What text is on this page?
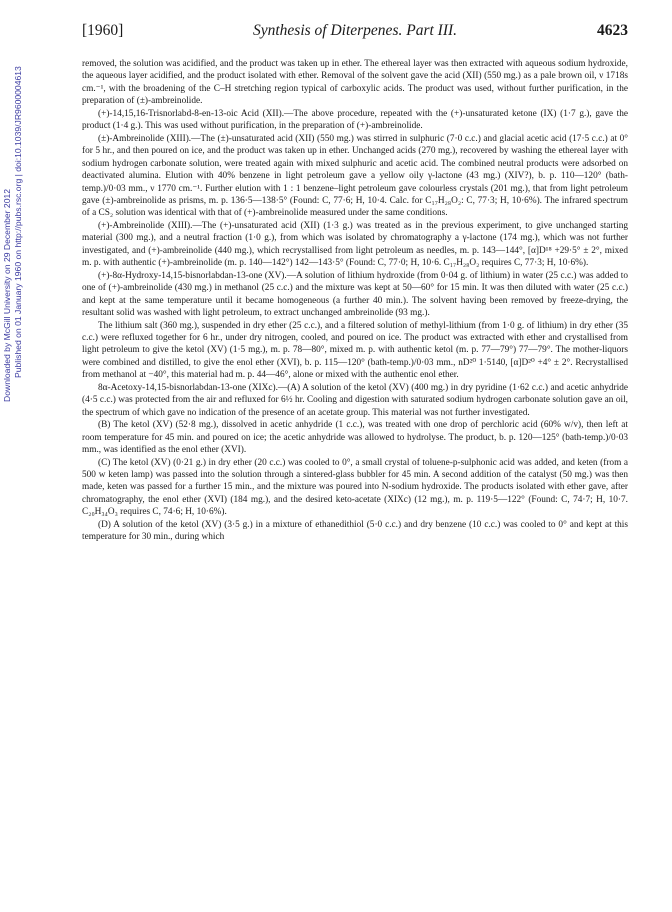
Downloaded by McGill University on 29 December 2012 Published on 01 January 1960 on http://pubs.rsc.org | doi:10.1039/JR9600004613
[1960]	Synthesis of Diterpenes. Part III.	4623

removed, the solution was acidified, and the product was taken up in ether. The ethereal layer was then extracted with aqueous sodium hydroxide, the aqueous layer acidified, and the product isolated with ether. Removal of the solvent gave the acid (XII) (550 mg.) as a pale brown oil, ν 1718s cm.⁻¹, with the broadening of the C–H stretching region typical of carboxylic acids. The product was used, without further purification, in the preparation of (±)-ambreinolide.

(+)-14,15,16-Trisnorlabd-8-en-13-oic Acid (XII).—The above procedure, repeated with the (+)-unsaturated ketone (IX) (1·7 g.), gave the product (1·4 g.). This was used without purification, in the preparation of (+)-ambreinolide.

(±)-Ambreinolide (XIII).—The (±)-unsaturated acid (XII) (550 mg.) was stirred in sulphuric (7·0 c.c.) and glacial acetic acid (17·5 c.c.) at 0° for 5 hr., and then poured on ice, and the product was taken up in ether. Unchanged acids (270 mg.), recovered by washing the ethereal layer with sodium hydrogen carbonate solution, were treated again with mixed sulphuric and acetic acid. The combined neutral products were adsorbed on deactivated alumina. Elution with 40% benzene in light petroleum gave a yellow oily γ-lactone (43 mg.) (XIV?), b. p. 110—120° (bath-temp.)/0·03 mm., ν 1770 cm.⁻¹. Further elution with 1 : 1 benzene–light petroleum gave colourless crystals (201 mg.), that from light petroleum gave (±)-ambreinolide as prisms, m. p. 136·5—138·5° (Found: C, 77·6; H, 10·4. Calc. for C₁₇H₂₈O₂: C, 77·3; H, 10·6%). The infrared spectrum of a CS₂ solution was identical with that of (+)-ambreinolide measured under the same conditions.

(+)-Ambreinolide (XIII).—The (+)-unsaturated acid (XII) (1·3 g.) was treated as in the previous experiment, to give unchanged starting material (300 mg.), and a neutral fraction (1·0 g.), from which was isolated by chromatography a γ-lactone (174 mg.), which was not further investigated, and (+)-ambreinolide (440 mg.), which recrystallised from light petroleum as needles, m. p. 143—144°, [α]D¹⁸ +29·5° ± 2°, mixed m. p. with authentic (+)-ambreinolide (m. p. 140—142°) 142—143·5° (Found: C, 77·0; H, 10·6. C₁₇H₂₈O₂ requires C, 77·3; H, 10·6%).

(+)-8α-Hydroxy-14,15-bisnorlabdan-13-one (XV).—A solution of lithium hydroxide (from 0·04 g. of lithium) in water (25 c.c.) was added to one of (+)-ambreinolide (430 mg.) in methanol (25 c.c.) and the mixture was kept at 50—60° for 15 min. It was then diluted with water (25 c.c.) and kept at the same temperature until it became homogeneous (a further 40 min.). The solvent having been removed by freeze-drying, the resultant solid was washed with light petroleum, to extract unchanged ambreinolide (93 mg.).

The lithium salt (360 mg.), suspended in dry ether (25 c.c.), and a filtered solution of methyl-lithium (from 1·0 g. of lithium) in dry ether (35 c.c.) were refluxed together for 6 hr., under dry nitrogen, cooled, and poured on ice. The product was extracted with ether and crystallised from light petroleum to give the ketol (XV) (1·5 mg.), m. p. 78—80°, mixed m. p. with authentic ketol (m. p. 77—79°) 77—79°. The mother-liquors were combined and distilled, to give the enol ether (XVI), b. p. 115—120° (bath-temp.)/0·03 mm., nD²⁰ 1·5140, [α]D²⁰ +4° ± 2°. Recrystallised from methanol at −40°, this material had m. p. 44—46°, alone or mixed with the authentic enol ether.

8α-Acetoxy-14,15-bisnorlabdan-13-one (XIXc).—(A) A solution of the ketol (XV) (400 mg.) in dry pyridine (1·62 c.c.) and acetic anhydride (4·5 c.c.) was protected from the air and refluxed for 6½ hr. Cooling and digestion with saturated sodium hydrogen carbonate solution gave an oil, the spectrum of which gave no indication of the presence of an acetate group. This material was not further investigated.

(B) The ketol (XV) (52·8 mg.), dissolved in acetic anhydride (1 c.c.), was treated with one drop of perchloric acid (60% w/v), then left at room temperature for 45 min. and poured on ice; the acetic anhydride was allowed to hydrolyse. The product, b. p. 120—125° (bath-temp.)/0·03 mm., was identified as the enol ether (XVI).

(C) The ketol (XV) (0·21 g.) in dry ether (20 c.c.) was cooled to 0°, a small crystal of toluene-p-sulphonic acid was added, and keten (from a 500 w keten lamp) was passed into the solution through a sintered-glass bubbler for 45 min. A second addition of the catalyst (50 mg.) was then made, keten was passed for a further 15 min., and the mixture was poured into N-sodium hydroxide. The products isolated with ether gave, after chromatography, the enol ether (XVI) (184 mg.), and the desired keto-acetate (XIXc) (12 mg.), m. p. 119·5—122° (Found: C, 74·7; H, 10·7. C₂₀H₃₄O₃ requires C, 74·6; H, 10·6%).

(D) A solution of the ketol (XV) (3·5 g.) in a mixture of ethanedithiol (5·0 c.c.) and dry benzene (10 c.c.) was cooled to 0° and kept at this temperature for 30 min., during which
